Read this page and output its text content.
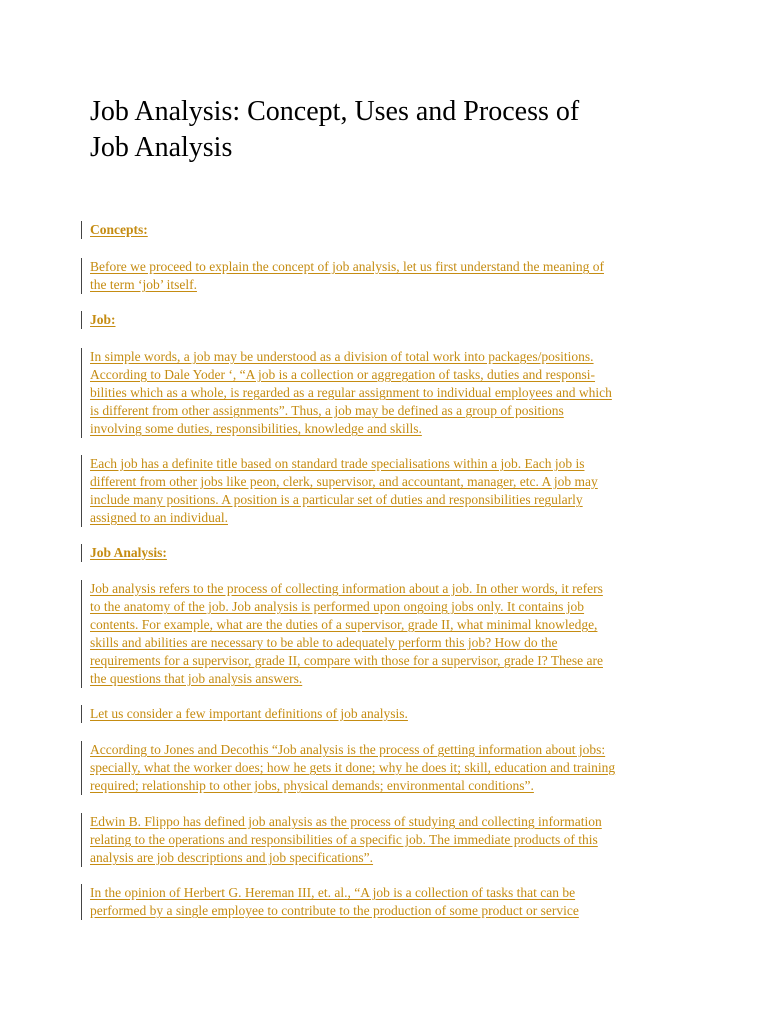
Job Analysis: Concept, Uses and Process of
Job Analysis

Concepts:

Before we proceed to explain the concept of job analysis, let us first understand the meaning of
the term ‘job’ itself.

Job:

In simple words, a job may be understood as a division of total work into packages/positions.
According to Dale Yoder ‘, “A job is a collection or aggregation of tasks, duties and responsi-
bilities which as a whole, is regarded as a regular assignment to individual employees and which
is different from other assignments”. Thus, a job may be defined as a group of positions
involving some duties, responsibilities, knowledge and skills.

Each job has a definite title based on standard trade specialisations within a job. Each job is
different from other jobs like peon, clerk, supervisor, and accountant, manager, etc. A job may
include many positions. A position is a particular set of duties and responsibilities regularly
assigned to an individual.

Job Analysis:

Job analysis refers to the process of collecting information about a job. In other words, it refers
to the anatomy of the job. Job analysis is performed upon ongoing jobs only. It contains job
contents. For example, what are the duties of a supervisor, grade II, what minimal knowledge,
skills and abilities are necessary to be able to adequately perform this job? How do the
requirements for a supervisor, grade II, compare with those for a supervisor, grade I? These are
the questions that job analysis answers.

Let us consider a few important definitions of job analysis.

According to Jones and Decothis “Job analysis is the process of getting information about jobs:
specially, what the worker does; how he gets it done; why he does it; skill, education and training
required; relationship to other jobs, physical demands; environmental conditions”.

Edwin B. Flippo has defined job analysis as the process of studying and collecting information
relating to the operations and responsibilities of a specific job. The immediate products of this
analysis are job descriptions and job specifications”.

In the opinion of Herbert G. Hereman III, et. al., “A job is a collection of tasks that can be
performed by a single employee to contribute to the production of some product or service
